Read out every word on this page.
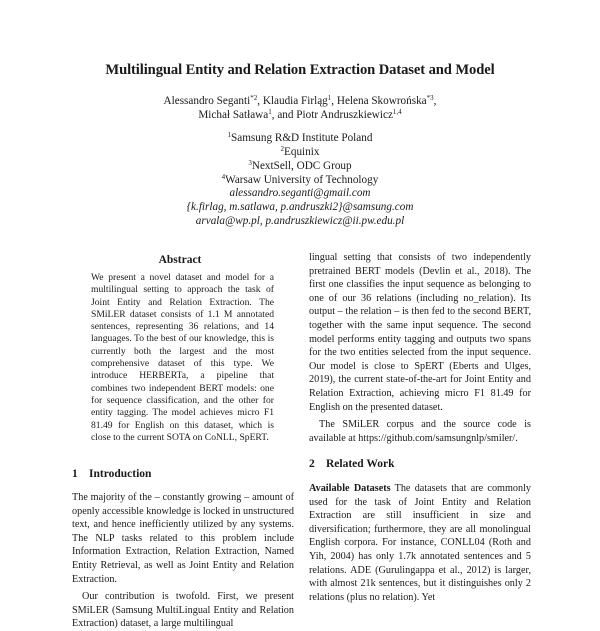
Multilingual Entity and Relation Extraction Dataset and Model
Alessandro Seganti$^{*2}$, Klaudia Firląg$^1$, Helena Skowrońska$^{*3}$,
Michał Satława$^1$, and Piotr Andruszkiewicz$^{1,4}$
$^1$Samsung R&D Institute Poland
$^2$Equinix
$^3$NextSell, ODC Group
$^4$Warsaw University of Technology
alessandro.seganti@gmail.com
{k.firlag, m.satlawa, p.andruszki2}@samsung.com
arvala@wp.pl, p.andruszkiewicz@ii.pw.edu.pl
Abstract
We present a novel dataset and model for a multilingual setting to approach the task of Joint Entity and Relation Extraction. The SMiLER dataset consists of 1.1 M annotated sentences, representing 36 relations, and 14 languages. To the best of our knowledge, this is currently both the largest and the most comprehensive dataset of this type. We introduce HERBERTa, a pipeline that combines two independent BERT models: one for sequence classification, and the other for entity tagging. The model achieves micro F1 81.49 for English on this dataset, which is close to the current SOTA on CoNLL, SpERT.
1 Introduction

The majority of the – constantly growing – amount of openly accessible knowledge is locked in unstructured text, and hence inefficiently utilized by any systems. The NLP tasks related to this problem include Information Extraction, Relation Extraction, Named Entity Retrieval, as well as Joint Entity and Relation Extraction.

Our contribution is twofold. First, we present SMiLER (Samsung MultiLingual Entity and Relation Extraction) dataset, a large multilingual

lingual setting that consists of two independently pretrained BERT models (Devlin et al., 2018). The first one classifies the input sequence as belonging to one of our 36 relations (including no_relation). Its output – the relation – is then fed to the second BERT, together with the same input sequence. The second model performs entity tagging and outputs two spans for the two entities selected from the input sequence. Our model is close to SpERT (Eberts and Ulges, 2019), the current state-of-the-art for Joint Entity and Relation Extraction, achieving micro F1 81.49 for English on the presented dataset.

The SMiLER corpus and the source code is available at https://github.com/samsungnlp/smiler/.

2 Related Work
Available Datasets The datasets that are commonly used for the task of Joint Entity and Relation Extraction are still insufficient in size and diversification; furthermore, they are all monolingual English corpora. For instance, CONLL04 (Roth and Yih, 2004) has only 1.7k annotated sentences and 5 relations. ADE (Gurulingappa et al., 2012) is larger, with almost 21k sentences, but it distinguishes only 2 relations (plus no relation). Yet
